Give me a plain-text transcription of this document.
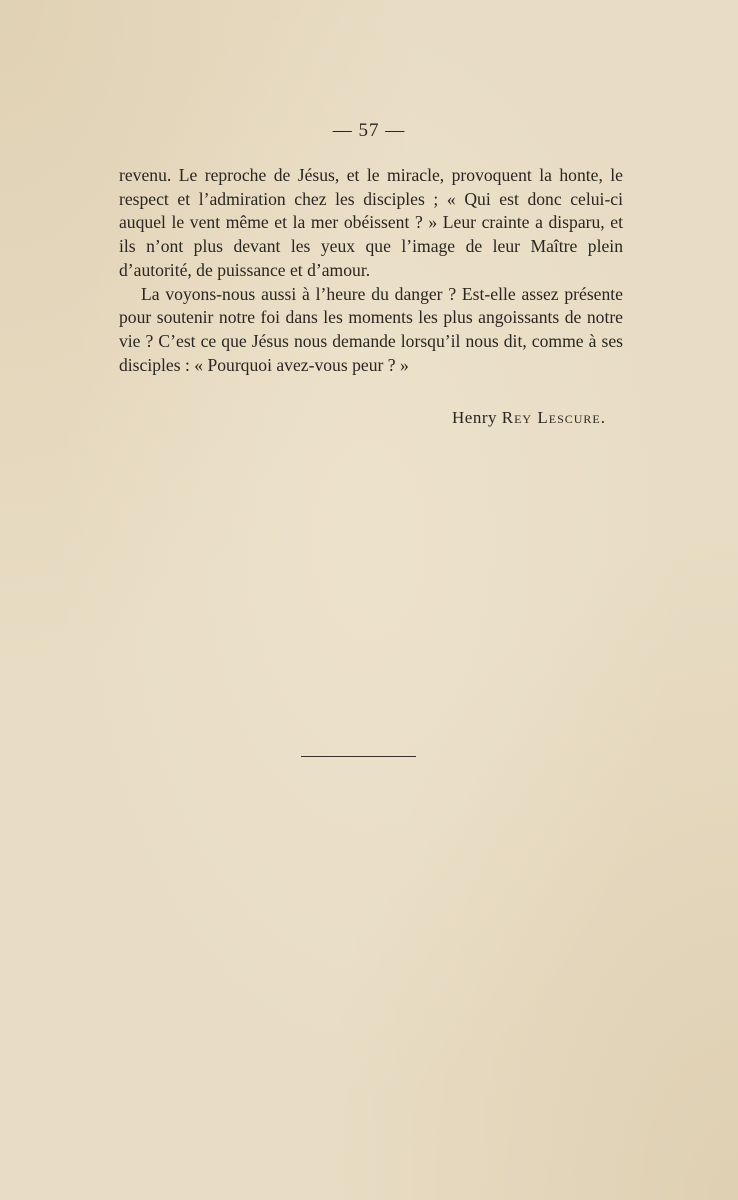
— 57 —

revenu. Le reproche de Jésus, et le miracle, provoquent la honte, le respect et l’admiration chez les disciples ; « Qui est donc celui-ci auquel le vent même et la mer obéissent ? » Leur crainte a disparu, et ils n’ont plus devant les yeux que l’image de leur Maître plein d’autorité, de puissance et d’amour.

La voyons-nous aussi à l’heure du danger ? Est-elle assez présente pour soutenir notre foi dans les moments les plus angoissants de notre vie ? C’est ce que Jésus nous demande lorsqu’il nous dit, comme à ses disciples : « Pourquoi avez-vous peur ? »

Henry Rey Lescure.
